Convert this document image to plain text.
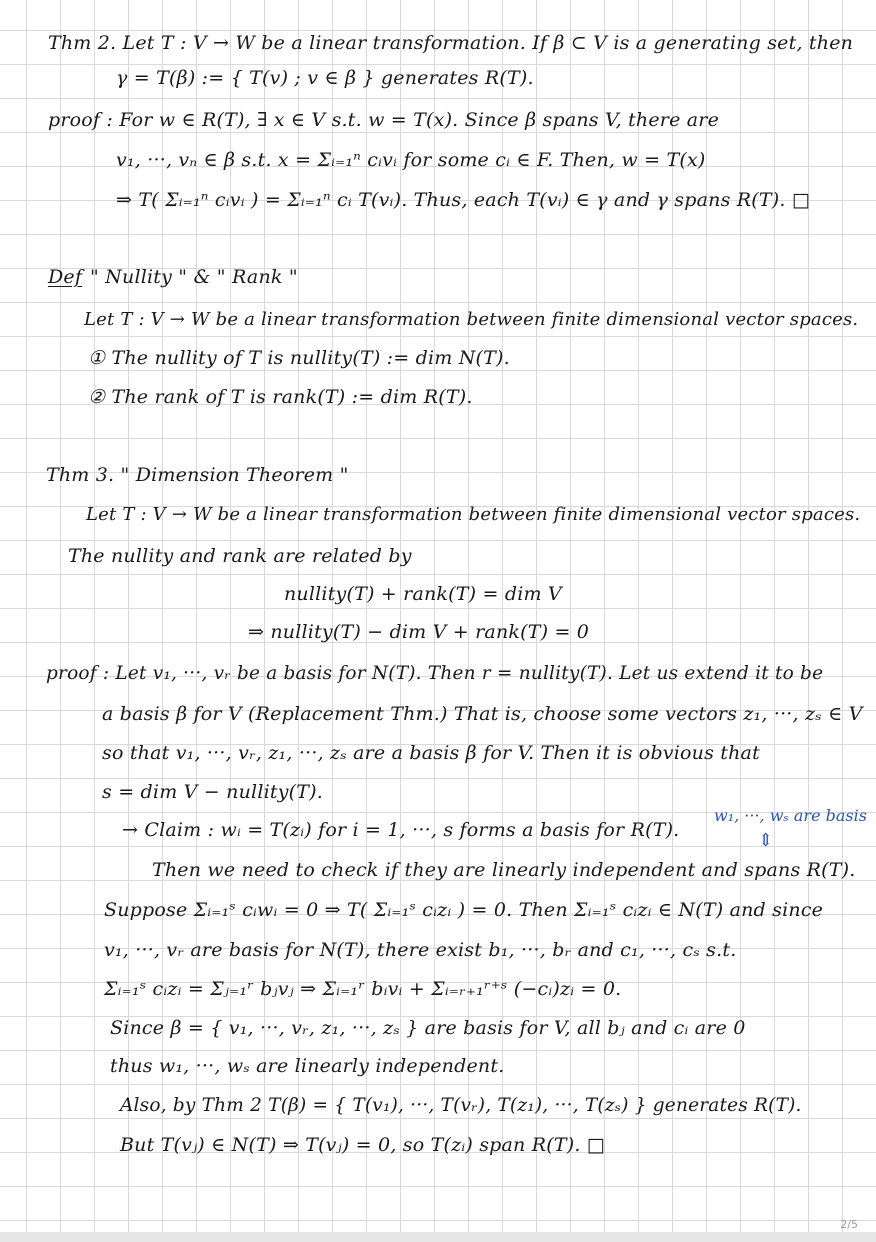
Thm 2. Let T : V → W be a linear transformation. If β ⊂ V is a generating set, then
γ = T(β) := { T(v) ; v ∈ β } generates R(T).
proof : For w ∈ R(T), ∃ x ∈ V s.t. w = T(x). Since β spans V, there are
v₁, ···, vₙ ∈ β s.t. x = Σᵢ₌₁ⁿ cᵢvᵢ for some cᵢ ∈ F. Then, w = T(x)
⇒ T( Σᵢ₌₁ⁿ cᵢvᵢ ) = Σᵢ₌₁ⁿ cᵢ T(vᵢ). Thus, each T(vᵢ) ∈ γ and γ spans R(T). □
Def " Nullity " & " Rank "
Let T : V → W be a linear transformation between finite dimensional vector spaces.
① The nullity of T is nullity(T) := dim N(T).
② The rank of T is rank(T) := dim R(T).
Thm 3. " Dimension Theorem "
Let T : V → W be a linear transformation between finite dimensional vector spaces.
The nullity and rank are related by
nullity(T) + rank(T) = dim V
⇒ nullity(T) − dim V + rank(T) = 0
proof : Let v₁, ···, vᵣ be a basis for N(T). Then r = nullity(T). Let us extend it to be
a basis β for V (Replacement Thm.) That is, choose some vectors z₁, ···, zₛ ∈ V
so that v₁, ···, vᵣ, z₁, ···, zₛ are a basis β for V. Then it is obvious that
s = dim V − nullity(T).
→ Claim : wᵢ = T(zᵢ) for i = 1, ···, s forms a basis for R(T).
w₁, ···, wₛ are basis
⇕
Then we need to check if they are linearly independent and spans R(T).
Suppose Σᵢ₌₁ˢ cᵢwᵢ = 0 ⇒ T( Σᵢ₌₁ˢ cᵢzᵢ ) = 0. Then Σᵢ₌₁ˢ cᵢzᵢ ∈ N(T) and since
v₁, ···, vᵣ are basis for N(T), there exist b₁, ···, bᵣ and c₁, ···, cₛ s.t.
Σᵢ₌₁ˢ cᵢzᵢ = Σⱼ₌₁ʳ bⱼvⱼ ⇒ Σᵢ₌₁ʳ bᵢvᵢ + Σᵢ₌ᵣ₊₁ʳ⁺ˢ (−cᵢ)zᵢ = 0.
Since β = { v₁, ···, vᵣ, z₁, ···, zₛ } are basis for V, all bⱼ and cᵢ are 0
thus w₁, ···, wₛ are linearly independent.
Also, by Thm 2 T(β) = { T(v₁), ···, T(vᵣ), T(z₁), ···, T(zₛ) } generates R(T).
But T(vⱼ) ∈ N(T) ⇒ T(vⱼ) = 0, so T(zᵢ) span R(T). □
2/5
